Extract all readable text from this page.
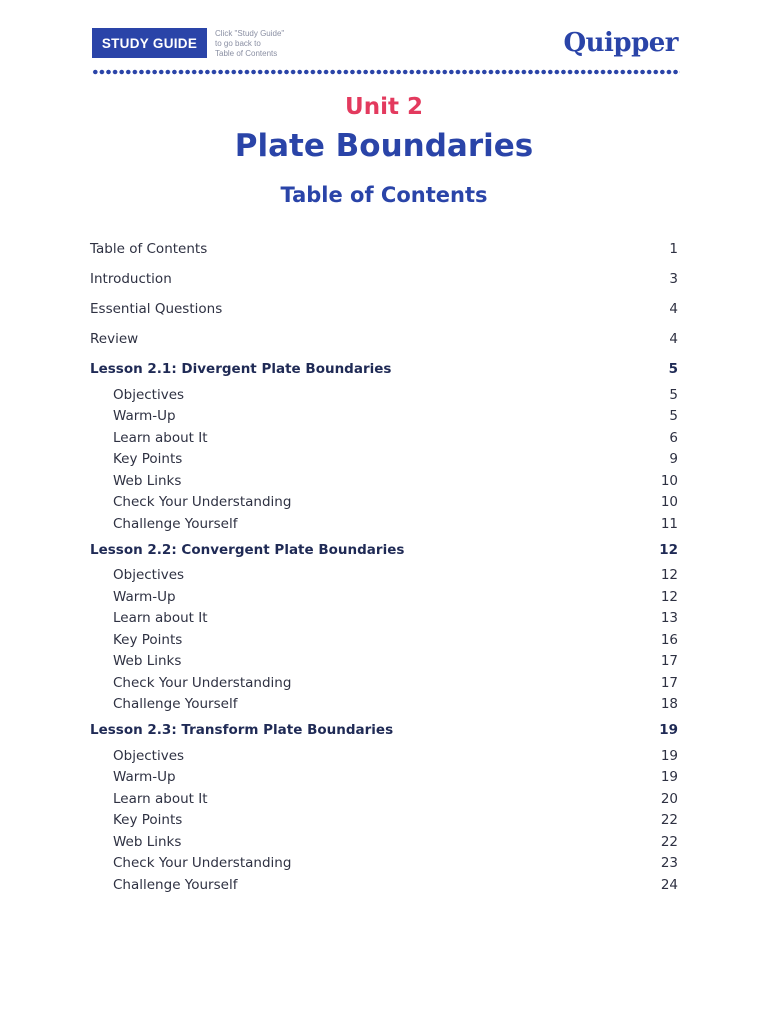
STUDY GUIDE
Click "Study Guide"
to go back to
Table of Contents	Quipper
Unit 2
Plate Boundaries
Table of Contents
Table of Contents	1
Introduction	3
Essential Questions	4
Review	4
Lesson 2.1: Divergent Plate Boundaries	5
Objectives	5
Warm-Up	5
Learn about It	6
Key Points	9
Web Links	10
Check Your Understanding	10
Challenge Yourself	11
Lesson 2.2: Convergent Plate Boundaries	12
Objectives	12
Warm-Up	12
Learn about It	13
Key Points	16
Web Links	17
Check Your Understanding	17
Challenge Yourself	18
Lesson 2.3: Transform Plate Boundaries	19
Objectives	19
Warm-Up	19
Learn about It	20
Key Points	22
Web Links	22
Check Your Understanding	23
Challenge Yourself	24
